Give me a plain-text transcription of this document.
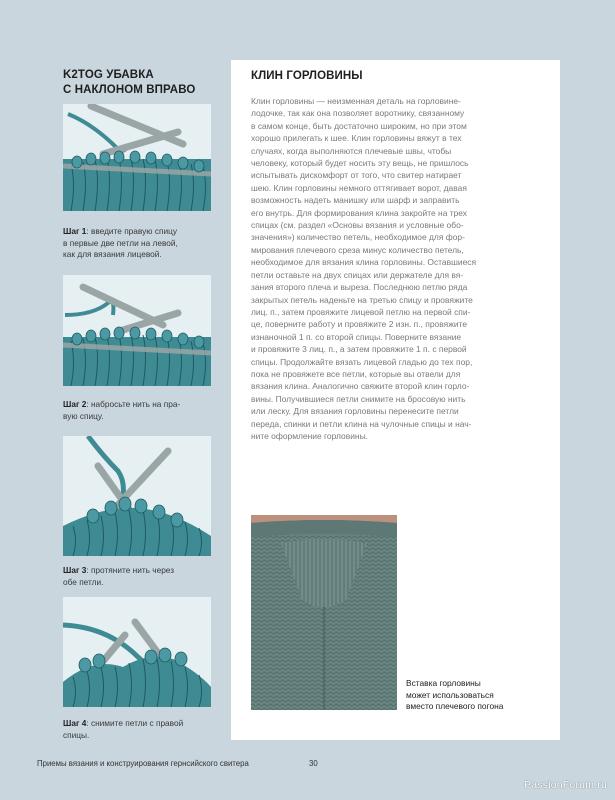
K2TOG УБАВКА
С НАКЛОНОМ ВПРАВО
Шаг 1: введите правую спицу
в первые две петли на левой,
как для вязания лицевой.
Шаг 2: набросьте нить на пра-
вую спицу.
Шаг 3: протяните нить через
обе петли.
Шаг 4: снимите петли с правой
спицы.
КЛИН ГОРЛОВИНЫ
Клин горловины — неизменная деталь на горловине-
лодочке, так как она позволяет воротнику, связанному
в самом конце, быть достаточно широким, но при этом
хорошо прилегать к шее. Клин горловины вяжут в тех
случаях, когда выполняются плечевые швы, чтобы
человеку, который будет носить эту вещь, не пришлось
испытывать дискомфорт от того, что свитер натирает
шею. Клин горловины немного оттягивает ворот, давая
возможность надеть манишку или шарф и заправить
его внутрь. Для формирования клина закройте на трех
спицах (см. раздел «Основы вязания и условные обо-
значения») количество петель, необходимое для фор-
мирования плечевого среза минус количество петель,
необходимое для вязания клина горловины. Оставшиеся
петли оставьте на двух спицах или держателе для вя-
зания второго плеча и выреза. Последнюю петлю ряда
закрытых петель наденьте на третью спицу и провяжите
лиц. п., затем провяжите лицевой петлю на первой спи-
це, поверните работу и провяжите 2 изн. п., провяжите
изнаночной 1 п. со второй спицы. Поверните вязание
и провяжите 3 лиц. п., а затем провяжите 1 п. с первой
спицы. Продолжайте вязать лицевой гладью до тех пор,
пока не провяжете все петли, которые вы отвели для
вязания клина. Аналогично свяжите второй клин горло-
вины. Получившиеся петли снимите на бросовую нить
или леску. Для вязания горловины перенесите петли
переда, спинки и петли клина на чулочные спицы и нач-
ните оформление горловины.
Вставка горловины
может использоваться
вместо плечевого погона
Приемы вязания и конструирования гернсийского свитера	30
PassionForum.ru
